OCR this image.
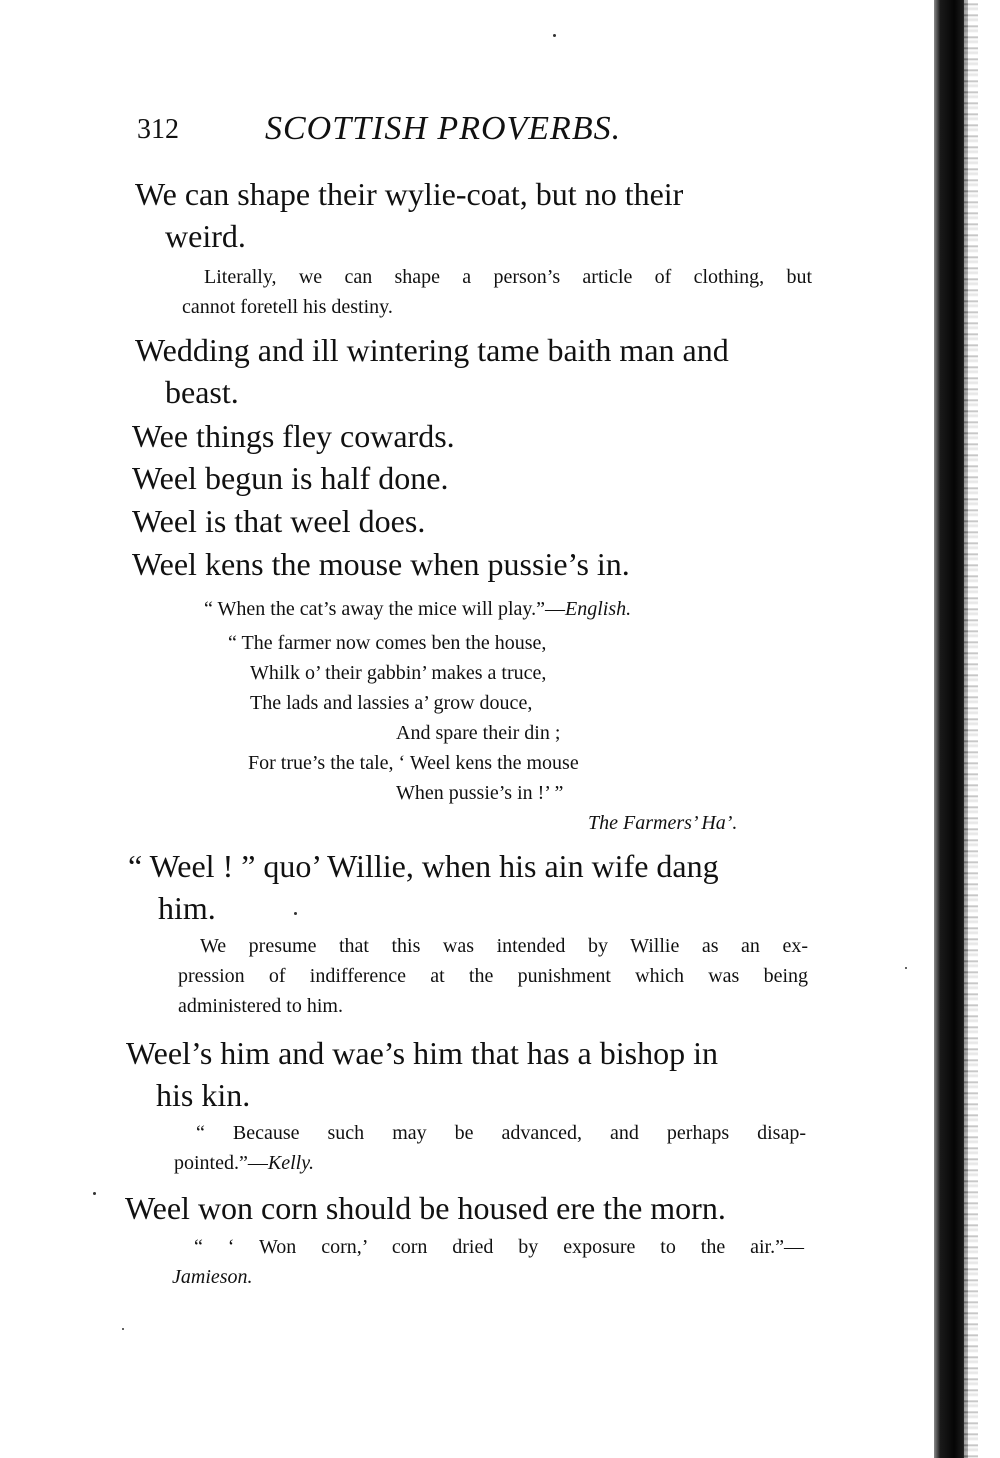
312	SCOTTISH PROVERBS.
We can shape their wylie-coat, but no their
weird.
Literally, we can shape a person’s article of clothing, but
cannot foretell his destiny.
Wedding and ill wintering tame baith man and
beast.
Wee things fley cowards.
Weel begun is half done.
Weel is that weel does.
Weel kens the mouse when pussie’s in.
“ When the cat’s away the mice will play.”—English.
“ The farmer now comes ben the house,
Whilk o’ their gabbin’ makes a truce,
The lads and lassies a’ grow douce,
And spare their din ;
For true’s the tale, ‘ Weel kens the mouse
When pussie’s in !’ ”
The Farmers’ Ha’.
“ Weel ! ” quo’ Willie, when his ain wife dang
him.
We presume that this was intended by Willie as an ex-
pression of indifference at the punishment which was being
administered to him.
Weel’s him and wae’s him that has a bishop in
his kin.
“ Because such may be advanced, and perhaps disap-
pointed.”—Kelly.
Weel won corn should be housed ere the morn.
“ ‘ Won corn,’ corn dried by exposure to the air.”—
Jamieson.
